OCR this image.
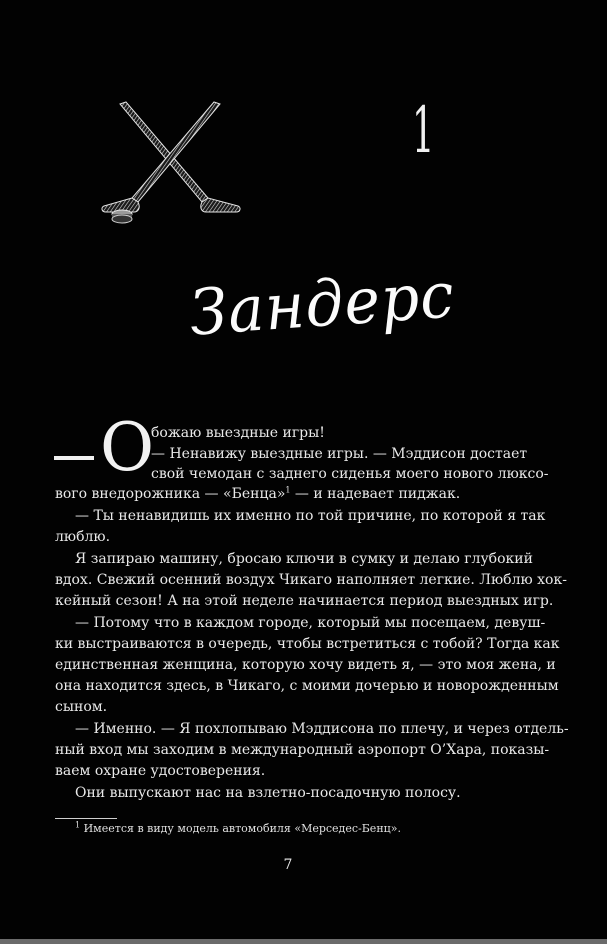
1
Зандерс
О
божаю выездные игры!
— Ненавижу выездные игры. — Мэддисон достает
свой чемодан с заднего сиденья моего нового люксо-
вого внедорожника — «Бенца»$^1$ — и надевает пиджак.
— Ты ненавидишь их именно по той причине, по которой я так
люблю.
Я запираю машину, бросаю ключи в сумку и делаю глубокий
вдох. Свежий осенний воздух Чикаго наполняет легкие. Люблю хок-
кейный сезон! А на этой неделе начинается период выездных игр.
— Потому что в каждом городе, который мы посещаем, девуш-
ки выстраиваются в очередь, чтобы встретиться с тобой? Тогда как
единственная женщина, которую хочу видеть я, — это моя жена, и
она находится здесь, в Чикаго, с моими дочерью и новорожденным
сыном.
— Именно. — Я похлопываю Мэддисона по плечу, и через отдель-
ный вход мы заходим в международный аэропорт О’Хара, показы-
ваем охране удостоверения.
Они выпускают нас на взлетно-посадочную полосу.
$^1$ Имеется в виду модель автомобиля «Мерседес-Бенц».
7
